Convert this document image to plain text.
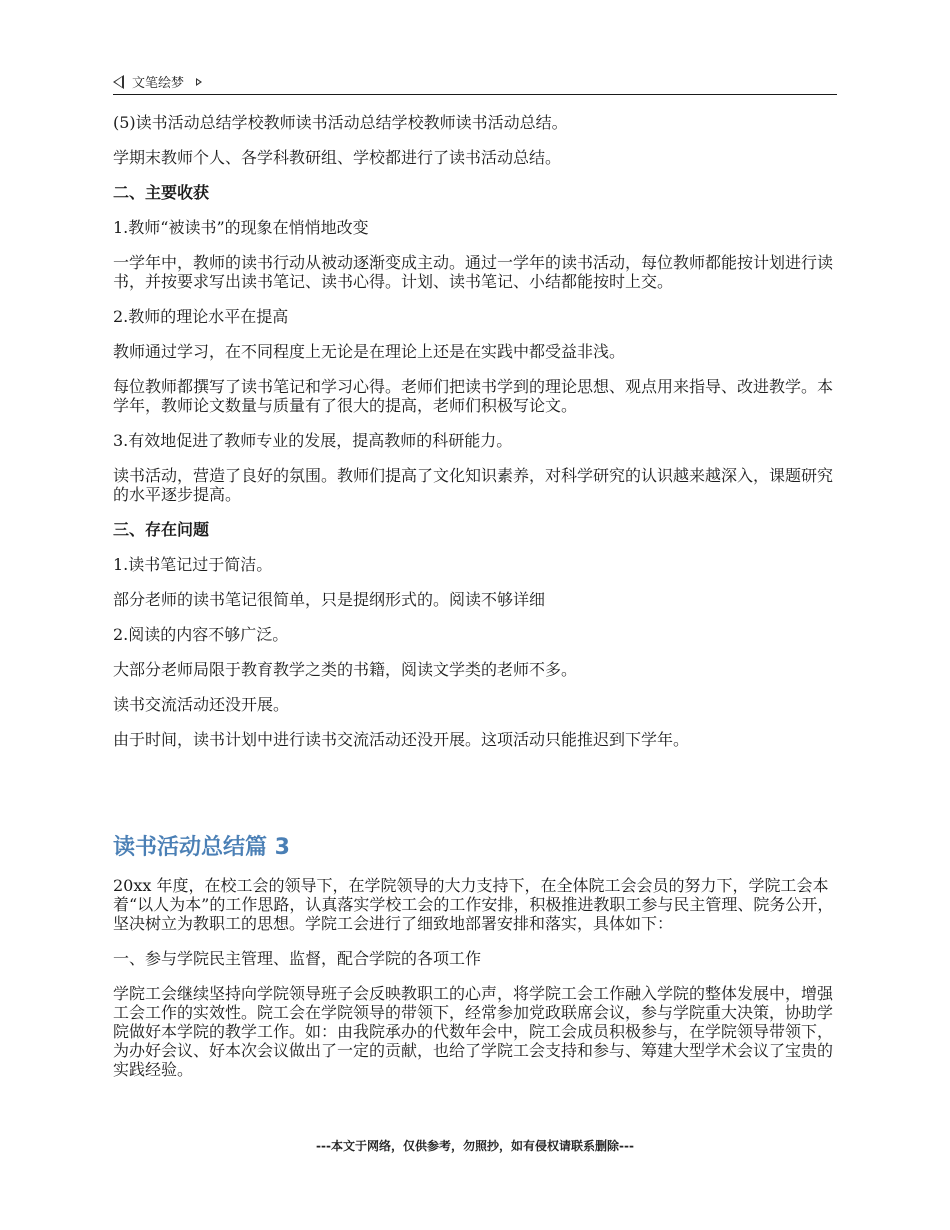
文笔绘梦

(5)读书活动总结学校教师读书活动总结学校教师读书活动总结。

学期末教师个人、各学科教研组、学校都进行了读书活动总结。

二、主要收获

1.教师“被读书”的现象在悄悄地改变

一学年中，教师的读书行动从被动逐渐变成主动。通过一学年的读书活动，每位教师都能按计划进行读书，并按要求写出读书笔记、读书心得。计划、读书笔记、小结都能按时上交。

2.教师的理论水平在提高

教师通过学习，在不同程度上无论是在理论上还是在实践中都受益非浅。

每位教师都撰写了读书笔记和学习心得。老师们把读书学到的理论思想、观点用来指导、改进教学。本学年，教师论文数量与质量有了很大的提高，老师们积极写论文。

3.有效地促进了教师专业的发展，提高教师的科研能力。

读书活动，营造了良好的氛围。教师们提高了文化知识素养，对科学研究的认识越来越深入，课题研究的水平逐步提高。

三、存在问题

1.读书笔记过于简洁。

部分老师的读书笔记很简单，只是提纲形式的。阅读不够详细

2.阅读的内容不够广泛。

大部分老师局限于教育教学之类的书籍，阅读文学类的老师不多。

读书交流活动还没开展。

由于时间，读书计划中进行读书交流活动还没开展。这项活动只能推迟到下学年。

读书活动总结篇 3

20xx 年度，在校工会的领导下，在学院领导的大力支持下，在全体院工会会员的努力下，学院工会本着“以人为本”的工作思路，认真落实学校工会的工作安排，积极推进教职工参与民主管理、院务公开，坚决树立为教职工的思想。学院工会进行了细致地部署安排和落实，具体如下：

一、参与学院民主管理、监督，配合学院的各项工作

学院工会继续坚持向学院领导班子会反映教职工的心声，将学院工会工作融入学院的整体发展中，增强工会工作的实效性。院工会在学院领导的带领下，经常参加党政联席会议，参与学院重大决策，协助学院做好本学院的教学工作。如：由我院承办的代数年会中，院工会成员积极参与，在学院领导带领下，为办好会议、好本次会议做出了一定的贡献，也给了学院工会支持和参与、筹建大型学术会议了宝贵的实践经验。

---本文于网络，仅供参考，勿照抄，如有侵权请联系删除---
